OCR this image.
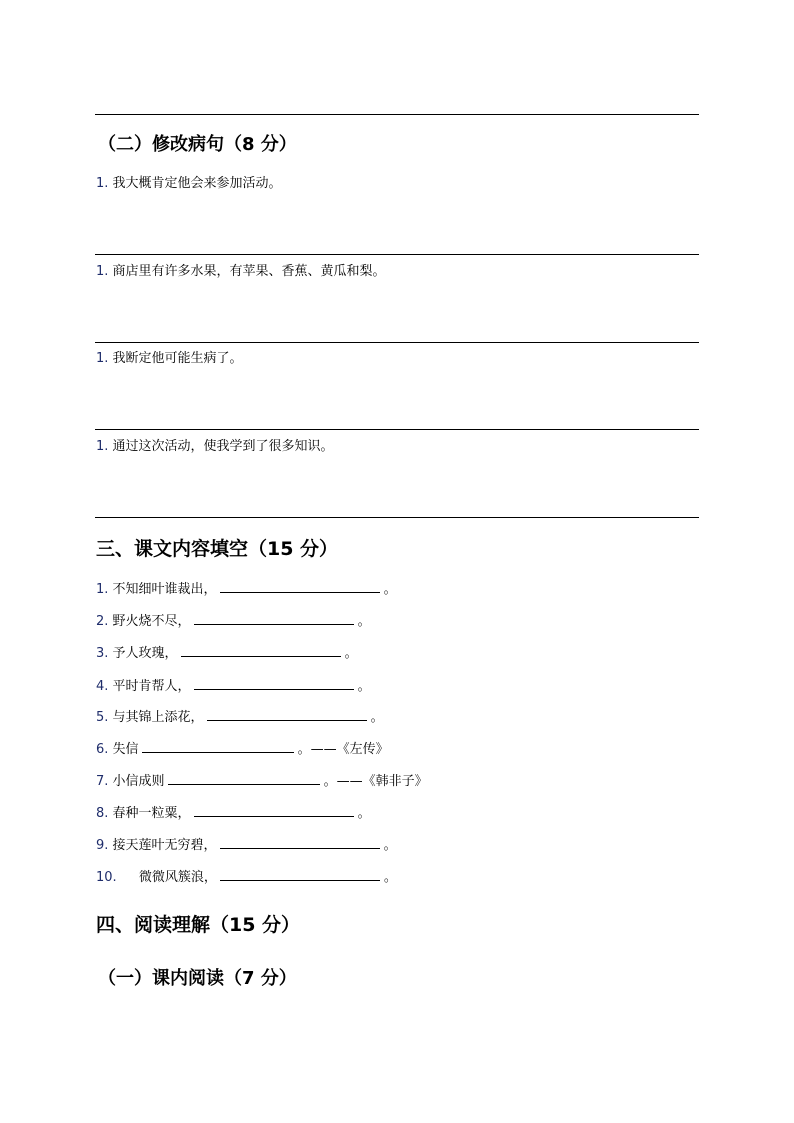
（二）修改病句（8 分）
1. 我大概肯定他会来参加活动。
1. 商店里有许多水果，有苹果、香蕉、黄瓜和梨。
1. 我断定他可能生病了。
1. 通过这次活动，使我学到了很多知识。
三、课文内容填空（15 分）
1. 不知细叶谁裁出，	。
2. 野火烧不尽，	。
3. 予人玫瑰，	。
4. 平时肯帮人，	。
5. 与其锦上添花，	。
6. 失信	。——《左传》
7. 小信成则	。——《韩非子》
8. 春种一粒粟，	。
9. 接天莲叶无穷碧，	。
10. 微微风簇浪，	。
四、阅读理解（15 分）
（一）课内阅读（7 分）
